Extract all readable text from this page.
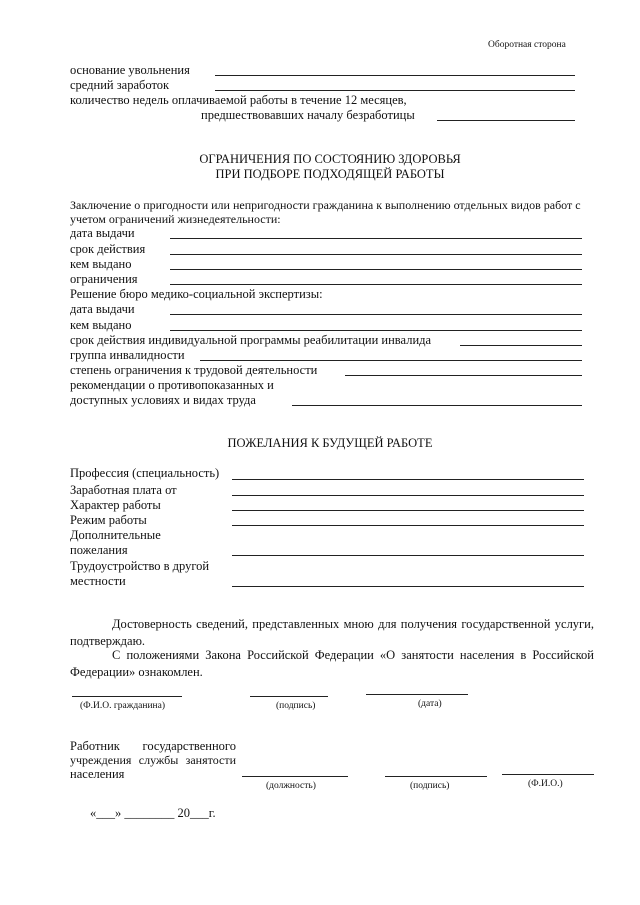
Оборотная сторона
основание увольнения
средний заработок
количество недель оплачиваемой работы в течение 12 месяцев,
предшествовавших началу безработицы
ОГРАНИЧЕНИЯ ПО СОСТОЯНИЮ ЗДОРОВЬЯ
ПРИ ПОДБОРЕ ПОДХОДЯЩЕЙ РАБОТЫ
Заключение о пригодности или непригодности гражданина к выполнению отдельных видов работ с
учетом ограничений жизнедеятельности:
дата выдачи
срок действия
кем выдано
ограничения
Решение бюро медико-социальной экспертизы:
дата выдачи
кем выдано
срок действия индивидуальной программы реабилитации инвалида
группа инвалидности
степень ограничения к трудовой деятельности
рекомендации о противопоказанных и
доступных условиях и видах труда
ПОЖЕЛАНИЯ К БУДУЩЕЙ РАБОТЕ
Профессия (специальность)
Заработная плата от
Характер работы
Режим работы
Дополнительные
пожелания
Трудоустройство в другой
местности
Достоверность сведений, представленных мною для получения государственной услуги, подтверждаю.
С положениями Закона Российской Федерации «О занятости населения в Российской Федерации» ознакомлен.
(Ф.И.О. гражданина)	(подпись)	(дата)
Работник государственного
учреждения службы занятости
населения
(должность)	(подпись)	(Ф.И.О.)
«___» ________ 20___г.
